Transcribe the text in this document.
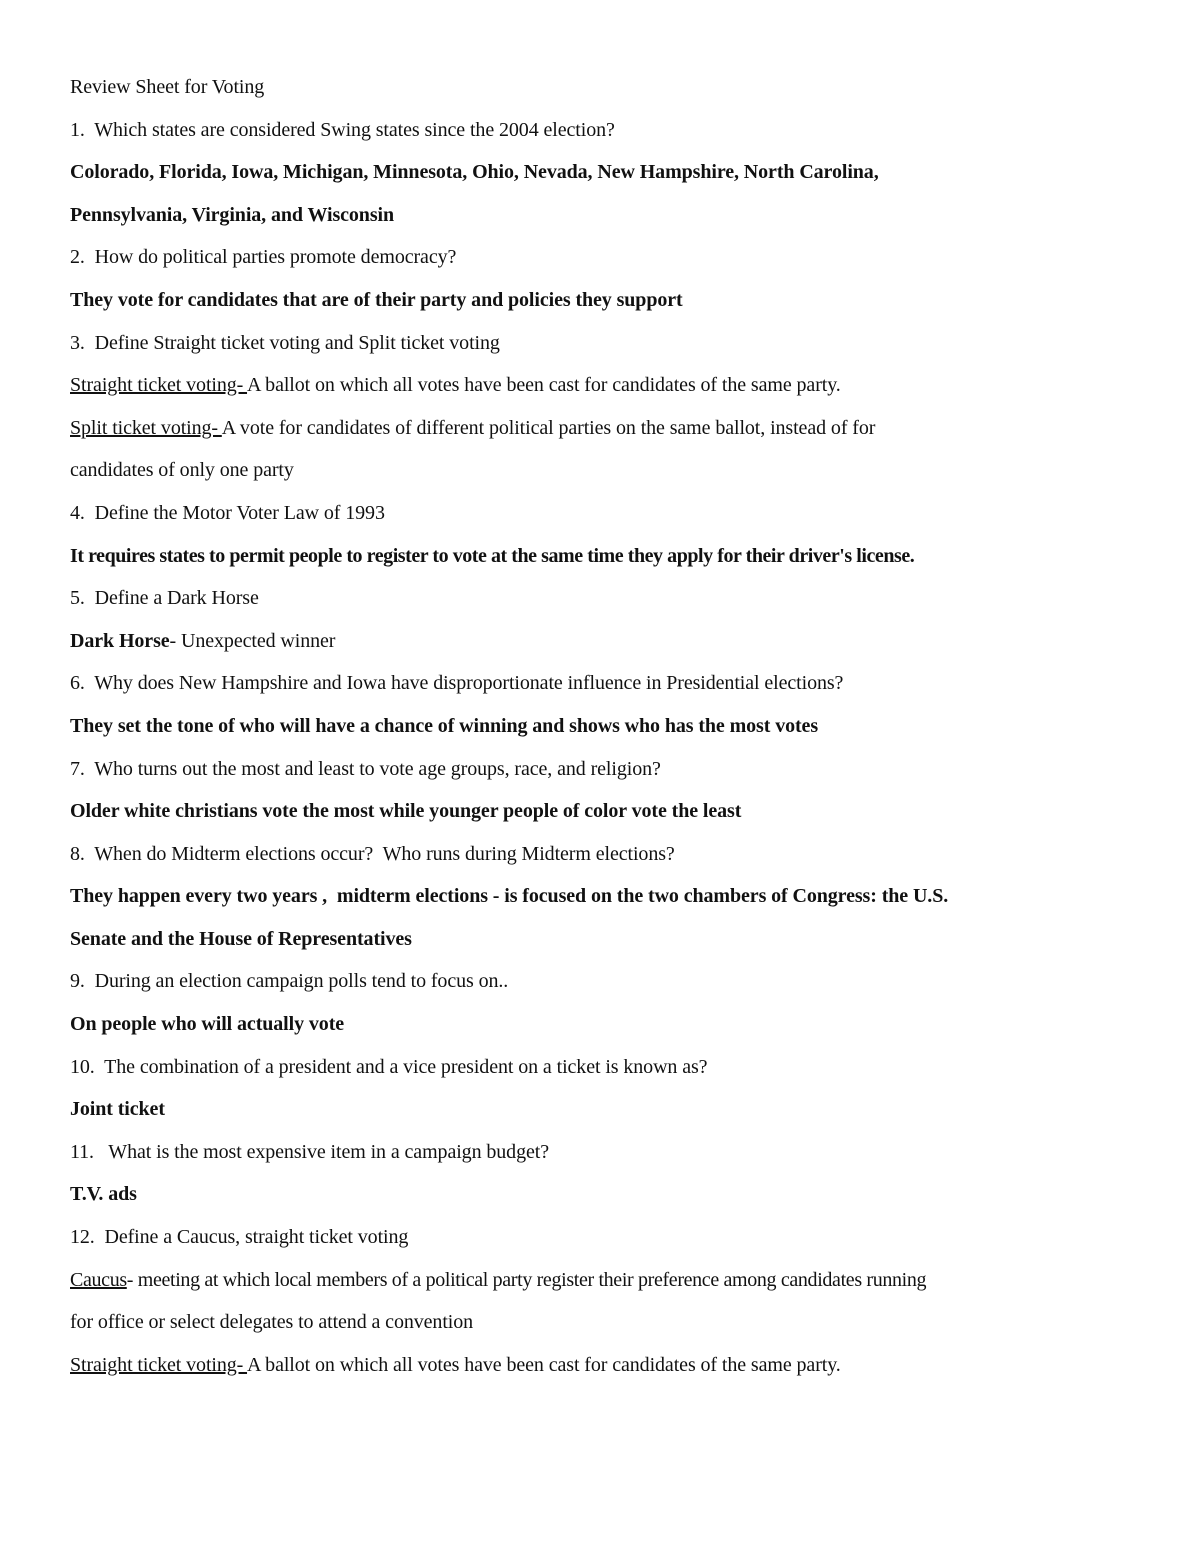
Review Sheet for Voting
1.  Which states are considered Swing states since the 2004 election?
Colorado, Florida, Iowa, Michigan, Minnesota, Ohio, Nevada, New Hampshire, North Carolina,
Pennsylvania, Virginia, and Wisconsin
2.  How do political parties promote democracy?
They vote for candidates that are of their party and policies they support
3.  Define Straight ticket voting and Split ticket voting
Straight ticket voting- A ballot on which all votes have been cast for candidates of the same party.
Split ticket voting- A vote for candidates of different political parties on the same ballot, instead of for
candidates of only one party
4.  Define the Motor Voter Law of 1993
It requires states to permit people to register to vote at the same time they apply for their driver's license.
5.  Define a Dark Horse
Dark Horse- Unexpected winner
6.  Why does New Hampshire and Iowa have disproportionate influence in Presidential elections?
They set the tone of who will have a chance of winning and shows who has the most votes
7.  Who turns out the most and least to vote age groups, race, and religion?
Older white christians vote the most while younger people of color vote the least
8.  When do Midterm elections occur?  Who runs during Midterm elections?
They happen every two years ,  midterm elections - is focused on the two chambers of Congress: the U.S.
Senate and the House of Representatives
9.  During an election campaign polls tend to focus on..
On people who will actually vote
10.  The combination of a president and a vice president on a ticket is known as?
Joint ticket
11.   What is the most expensive item in a campaign budget?
T.V. ads
12.  Define a Caucus, straight ticket voting
Caucus- meeting at which local members of a political party register their preference among candidates running
for office or select delegates to attend a convention
Straight ticket voting- A ballot on which all votes have been cast for candidates of the same party.
